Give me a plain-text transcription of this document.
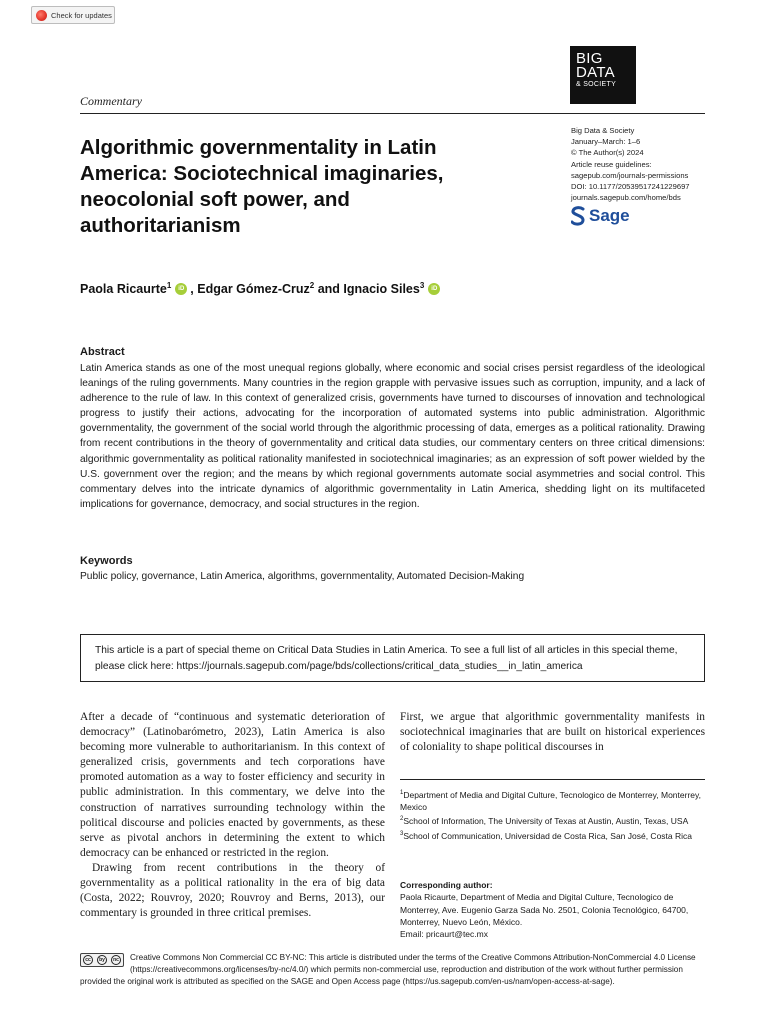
Check for updates
BIG
DATA
& SOCIETY
Commentary
Algorithmic governmentality in Latin America: Sociotechnical imaginaries, neocolonial soft power, and authoritarianism
Big Data & Society
January–March: 1–6
© The Author(s) 2024
Article reuse guidelines:
sagepub.com/journals-permissions
DOI: 10.1177/20539517241229697
journals.sagepub.com/home/bds
Sage
Paola Ricaurte$^1$	iD ,
Edgar Gómez-Cruz$^2$
and Ignacio Siles$^3$	iD
Abstract

Latin America stands as one of the most unequal regions globally, where economic and social crises persist regardless of the ideological leanings of the ruling governments. Many countries in the region grapple with pervasive issues such as corruption, impunity, and a lack of adherence to the rule of law. In this context of generalized crisis, governments have turned to discourses of innovation and technological progress to justify their actions, advocating for the incorporation of automated systems into public administration. Algorithmic governmentality, the government of the social world through the algorithmic processing of data, emerges as a political rationality. Drawing from recent contributions in the theory of governmentality and critical data studies, our commentary centers on three critical dimensions: algorithmic governmentality as political rationality manifested in sociotechnical imaginaries; as an expression of soft power wielded by the U.S. government over the region; and the means by which regional governments automate social asymmetries and social control. This commentary delves into the intricate dynamics of algorithmic governmentality in Latin America, shedding light on its multifaceted implications for governance, democracy, and social structures in the region.

Keywords
Public policy, governance, Latin America, algorithms, governmentality, Automated Decision-Making
This article is a part of special theme on Critical Data Studies in Latin America. To see a full list of all articles in this special theme, please click here: https://journals.sagepub.com/page/bds/collections/critical_data_studies__in_latin_america

After a decade of “continuous and systematic deterioration of democracy” (Latinobarómetro, 2023), Latin America is also becoming more vulnerable to authoritarianism. In this context of generalized crisis, governments and tech corporations have promoted automation as a way to foster efficiency and security in public administration. In this commentary, we delve into the construction of narratives surrounding technology within the political discourse and policies enacted by governments, as these serve as pivotal anchors in determining the extent to which democracy can be enhanced or restricted in the region.

Drawing from recent contributions in the theory of governmentality as a political rationality in the era of big data (Costa, 2022; Rouvroy, 2020; Rouvroy and Berns, 2013), our commentary is grounded in three critical premises.

First, we argue that algorithmic governmentality manifests in sociotechnical imaginaries that are built on historical experiences of coloniality to shape political discourses in

$^1$Department of Media and Digital Culture, Tecnologico de Monterrey, Monterrey, Mexico
$^2$School of Information, The University of Texas at Austin, Austin, Texas, USA
$^3$School of Communication, Universidad de Costa Rica, San José, Costa Rica
Corresponding author:
Paola Ricaurte, Department of Media and Digital Culture, Tecnologico de Monterrey, Ave. Eugenio Garza Sada No. 2501, Colonia Tecnológico, 64700, Monterrey, Nuevo León, México.
Email: pricaurt@tec.mx
cc	by	nc Creative Commons Non Commercial CC BY-NC: This article is distributed under the terms of the Creative Commons Attribution-NonCommercial 4.0 License (https://creativecommons.org/licenses/by-nc/4.0/) which permits non-commercial use, reproduction and distribution of the work without further permission provided the original work is attributed as specified on the SAGE and Open Access page (https://us.sagepub.com/en-us/nam/open-access-at-sage).
